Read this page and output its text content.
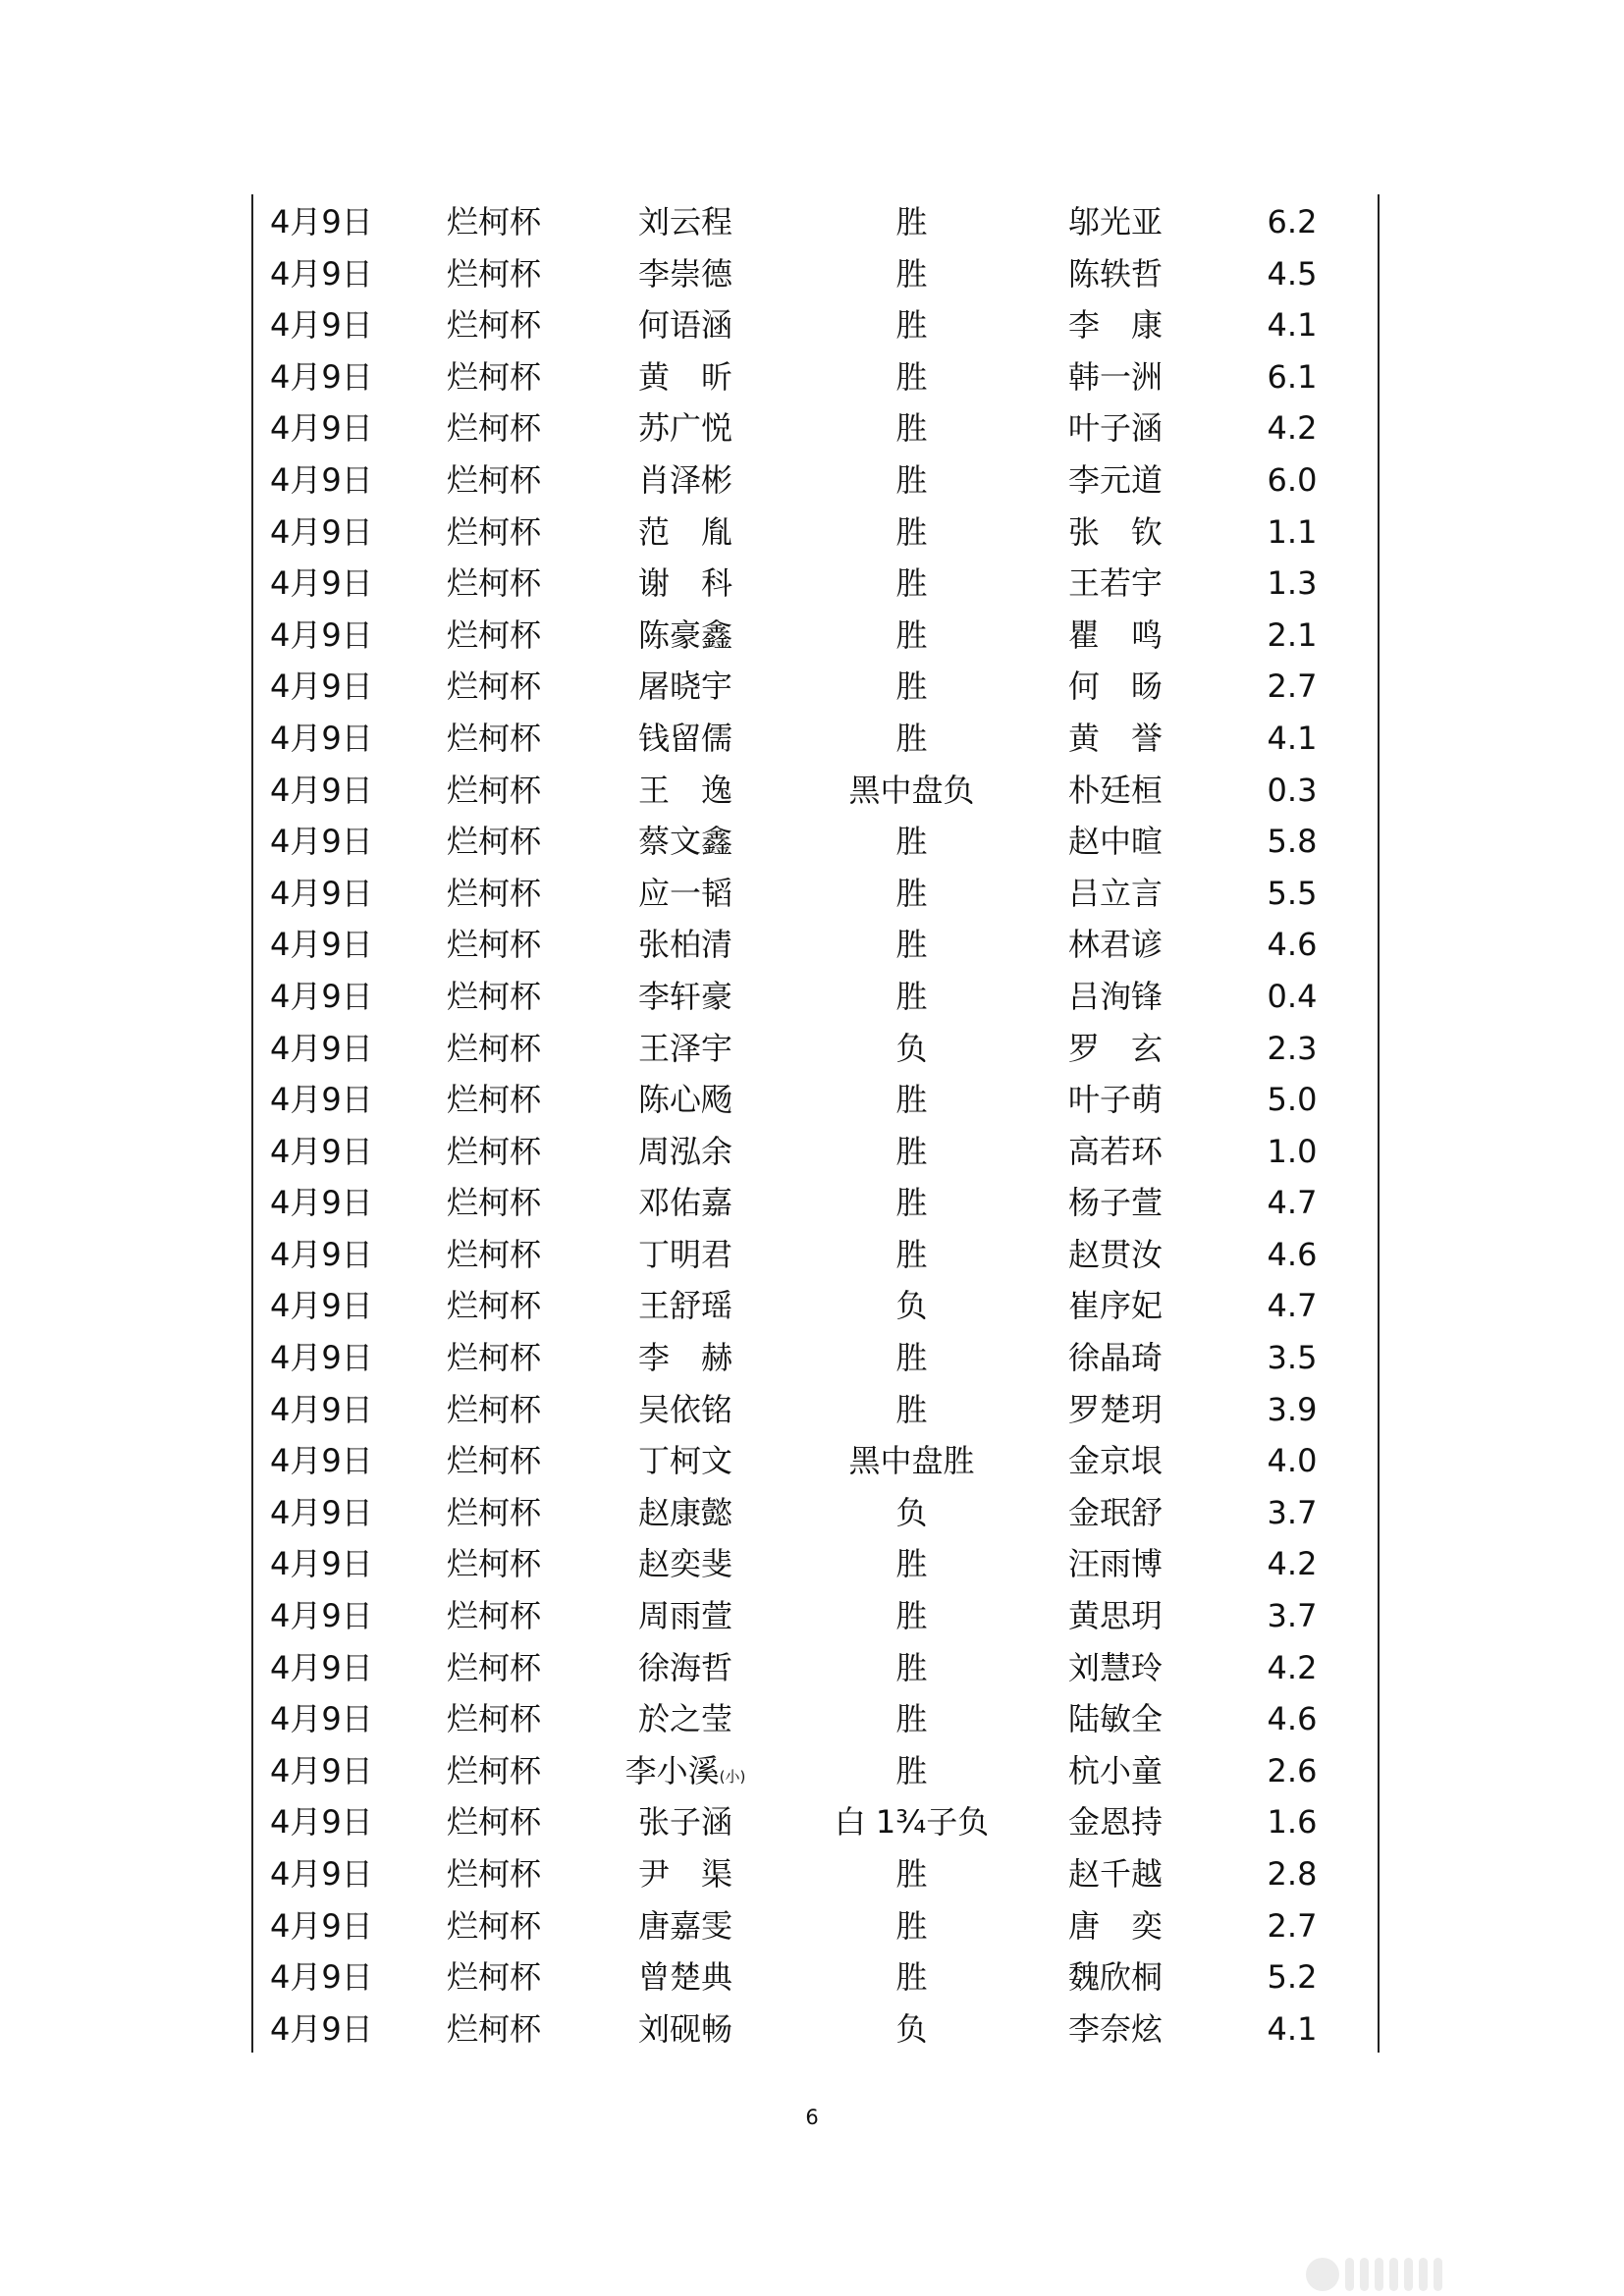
4月9日	烂柯杯	刘云程	胜	邬光亚	6.2
4月9日	烂柯杯	李崇德	胜	陈轶哲	4.5
4月9日	烂柯杯	何语涵	胜	李　康	4.1
4月9日	烂柯杯	黄　昕	胜	韩一洲	6.1
4月9日	烂柯杯	苏广悦	胜	叶子涵	4.2
4月9日	烂柯杯	肖泽彬	胜	李元道	6.0
4月9日	烂柯杯	范　胤	胜	张　钦	1.1
4月9日	烂柯杯	谢　科	胜	王若宇	1.3
4月9日	烂柯杯	陈豪鑫	胜	瞿　鸣	2.1
4月9日	烂柯杯	屠晓宇	胜	何　旸	2.7
4月9日	烂柯杯	钱留儒	胜	黄　誉	4.1
4月9日	烂柯杯	王　逸	黑中盘负	朴廷桓	0.3
4月9日	烂柯杯	蔡文鑫	胜	赵中暄	5.8
4月9日	烂柯杯	应一韬	胜	吕立言	5.5
4月9日	烂柯杯	张柏清	胜	林君谚	4.6
4月9日	烂柯杯	李轩豪	胜	吕洵锋	0.4
4月9日	烂柯杯	王泽宇	负	罗　玄	2.3
4月9日	烂柯杯	陈心飏	胜	叶子萌	5.0
4月9日	烂柯杯	周泓余	胜	高若环	1.0
4月9日	烂柯杯	邓佑嘉	胜	杨子萱	4.7
4月9日	烂柯杯	丁明君	胜	赵贯汝	4.6
4月9日	烂柯杯	王舒瑶	负	崔序妃	4.7
4月9日	烂柯杯	李　赫	胜	徐晶琦	3.5
4月9日	烂柯杯	吴依铭	胜	罗楚玥	3.9
4月9日	烂柯杯	丁柯文	黑中盘胜	金京垠	4.0
4月9日	烂柯杯	赵康懿	负	金珉舒	3.7
4月9日	烂柯杯	赵奕斐	胜	汪雨博	4.2
4月9日	烂柯杯	周雨萱	胜	黄思玥	3.7
4月9日	烂柯杯	徐海哲	胜	刘慧玲	4.2
4月9日	烂柯杯	於之莹	胜	陆敏全	4.6
4月9日	烂柯杯	李小溪(小)	胜	杭小童	2.6
4月9日	烂柯杯	张子涵	白 1¾子负	金恩持	1.6
4月9日	烂柯杯	尹　渠	胜	赵千越	2.8
4月9日	烂柯杯	唐嘉雯	胜	唐　奕	2.7
4月9日	烂柯杯	曾楚典	胜	魏欣桐	5.2
4月9日	烂柯杯	刘砚畅	负	李奈炫	4.1
6
